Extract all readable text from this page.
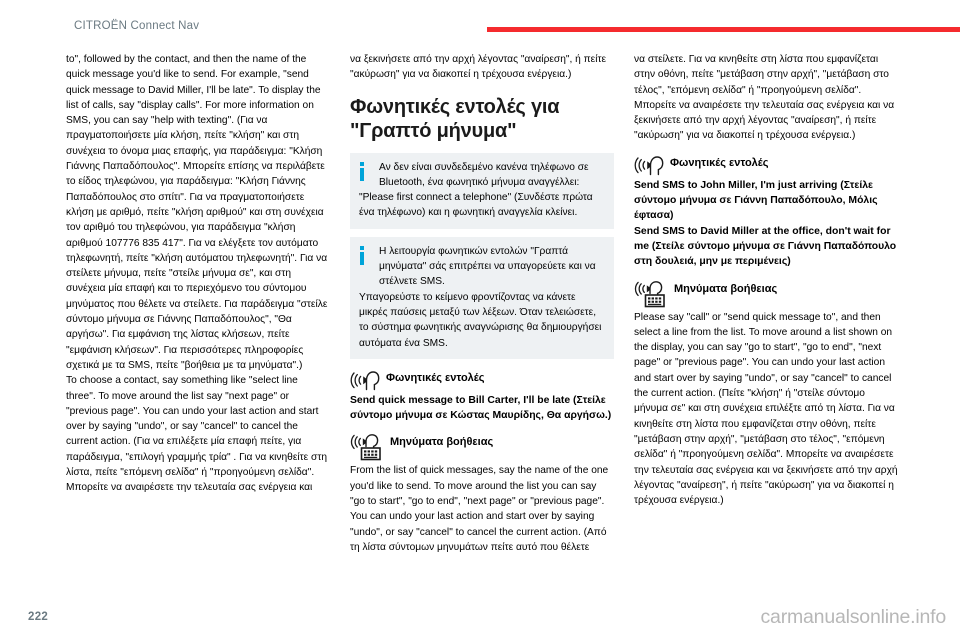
CITROËN Connect Nav

to", followed by the contact, and then the name of the quick message you'd like to send. For example, "send quick message to David Miller, I'll be late". To display the list of calls, say "display calls". For more information on SMS, you can say "help with texting". (Για να πραγματοποιήσετε μία κλήση, πείτε "κλήση" και στη συνέχεια το όνομα μιας επαφής, για παράδειγμα: "Κλήση Γιάννης Παπαδόπουλος". Μπορείτε επίσης να περιλάβετε το είδος τηλεφώνου, για παράδειγμα: "Κλήση Γιάννης Παπαδόπουλος στο σπίτι". Για να πραγματοποιήσετε κλήση με αριθμό, πείτε "κλήση αριθμού" και στη συνέχεια τον αριθμό του τηλεφώνου, για παράδειγμα "κλήση αριθμού 107776 835 417". Για να ελέγξετε τον αυτόματο τηλεφωνητή, πείτε "κλήση αυτόματου τηλεφωνητή". Για να στείλετε μήνυμα, πείτε "στείλε μήνυμα σε", και στη συνέχεια μία επαφή και το περιεχόμενο του σύντομου μηνύματος που θέλετε να στείλετε. Για παράδειγμα "στείλε σύντομο μήνυμα σε Γιάννης Παπαδόπουλος", "Θα αργήσω". Για εμφάνιση της λίστας κλήσεων, πείτε "εμφάνιση κλήσεων". Για περισσότερες πληροφορίες σχετικά με τα SMS, πείτε "βοήθεια με τα μηνύματα".)

To choose a contact, say something like "select line three". To move around the list say "next page" or "previous page". You can undo your last action and start over by saying "undo", or say "cancel" to cancel the current action. (Για να επιλέξετε μία επαφή πείτε, για παράδειγμα, "επιλογή γραμμής τρία" . Για να κινηθείτε στη λίστα, πείτε "επόμενη σελίδα" ή "προηγούμενη σελίδα". Μπορείτε να αναιρέσετε την τελευταία σας ενέργεια και

να ξεκινήσετε από την αρχή λέγοντας "αναίρεση", ή πείτε "ακύρωση" για να διακοπεί η τρέχουσα ενέργεια.)

Φωνητικές εντολές για "Γραπτό μήνυμα"
Αν δεν είναι συνδεδεμένο κανένα τηλέφωνο σε Bluetooth, ένα φωνητικό μήνυμα αναγγέλλει:
"Please first connect a telephone" (Συνδέστε πρώτα ένα τηλέφωνο) και η φωνητική αναγγελία κλείνει.
Η λειτουργία φωνητικών εντολών "Γραπτά μηνύματα" σάς επιτρέπει να υπαγορεύετε και να στέλνετε SMS.
Υπαγορεύστε το κείμενο φροντίζοντας να κάνετε μικρές παύσεις μεταξύ των λέξεων. Όταν τελειώσετε, το σύστημα φωνητικής αναγνώρισης θα δημιουργήσει αυτόματα ένα SMS.
Φωνητικές εντολές

Send quick message to Bill Carter, I'll be late (Στείλε σύντομο μήνυμα σε Κώστας Μαυρίδης, Θα αργήσω.)

Μηνύματα βοήθειας

From the list of quick messages, say the name of the one you'd like to send. To move around the list you can say "go to start", "go to end", "next page" or "previous page". You can undo your last action and start over by saying "undo", or say "cancel" to cancel the current action. (Από τη λίστα σύντομων μηνυμάτων πείτε αυτό που θέλετε

να στείλετε. Για να κινηθείτε στη λίστα που εμφανίζεται στην οθόνη, πείτε "μετάβαση στην αρχή", "μετάβαση στο τέλος", "επόμενη σελίδα" ή "προηγούμενη σελίδα". Μπορείτε να αναιρέσετε την τελευταία σας ενέργεια και να ξεκινήσετε από την αρχή λέγοντας "αναίρεση", ή πείτε "ακύρωση" για να διακοπεί η τρέχουσα ενέργεια.)

Φωνητικές εντολές

Send SMS to John Miller, I'm just arriving (Στείλε σύντομο μήνυμα σε Γιάννη Παπαδόπουλο, Μόλις έφτασα)

Send SMS to David Miller at the office, don't wait for me (Στείλε σύντομο μήνυμα σε Γιάννη Παπαδόπουλο στη δουλειά, μην με περιμένεις)

Μηνύματα βοήθειας

Please say "call" or "send quick message to", and then select a line from the list. To move around a list shown on the display, you can say "go to start", "go to end", "next page" or "previous page". You can undo your last action and start over by saying "undo", or say "cancel" to cancel the current action. (Πείτε "κλήση" ή "στείλε σύντομο μήνυμα σε" και στη συνέχεια επιλέξτε από τη λίστα. Για να κινηθείτε στη λίστα που εμφανίζεται στην οθόνη, πείτε "μετάβαση στην αρχή", "μετάβαση στο τέλος", "επόμενη σελίδα" ή "προηγούμενη σελίδα". Μπορείτε να αναιρέσετε την τελευταία σας ενέργεια και να ξεκινήσετε από την αρχή λέγοντας "αναίρεση", ή πείτε "ακύρωση" για να διακοπεί η τρέχουσα ενέργεια.)

222	carmanualsonline.info
